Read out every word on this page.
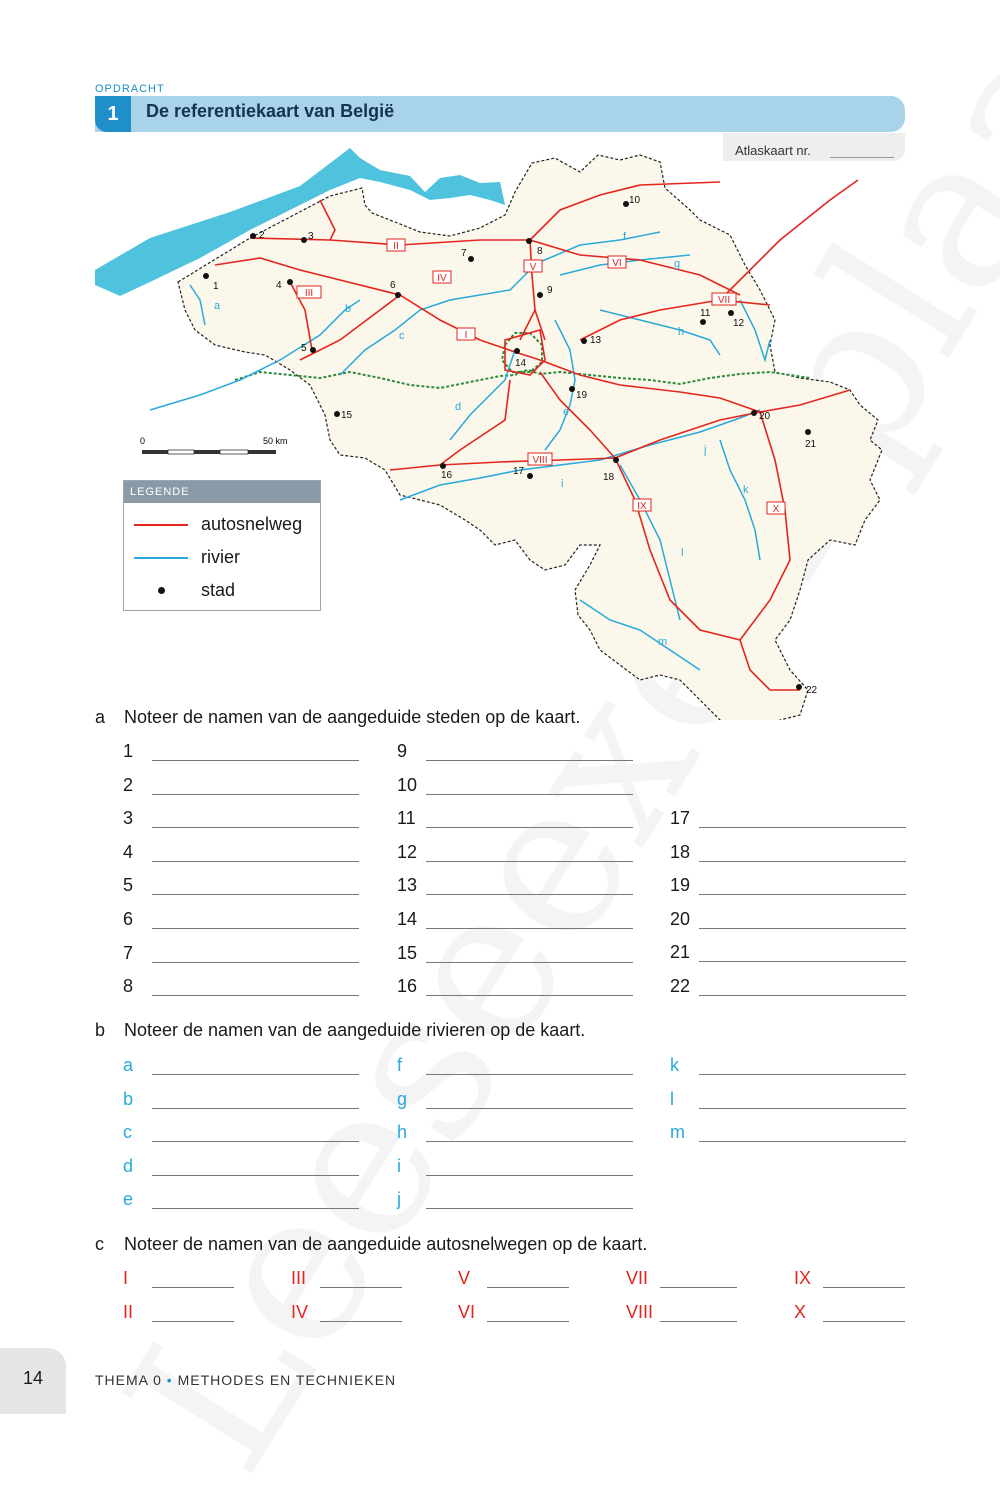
OPDRACHT
1	De referentiekaart van België
Atlaskaart nr.
I
II
III
IV
V	VI
VII
VIII
IX	X
a	b
c
d	e
f
g
h
i
j
k
l
m
1
2	3
4
5
6
7	8
9
10
11
12
13
14
15
16	17
18
19
20
21
22
0	50 km
LEGENDE
autosnelweg
rivier
stad
a Noteer de namen van de aangeduide steden op de kaart.
1
2
3
4
5
6
7
8
9
10
11
12
13
14
15
16
17
18
19
20
21
22
b Noteer de namen van de aangeduide rivieren op de kaart.
a
b
c
d
e
f
g
h
i
j
k
l
m
c Noteer de namen van de aangeduide autosnelwegen op de kaart.
I	III	V	VII	IX
II	IV	VI	VIII	X
14	THEMA 0 • METHODES EN TECHNIEKEN
